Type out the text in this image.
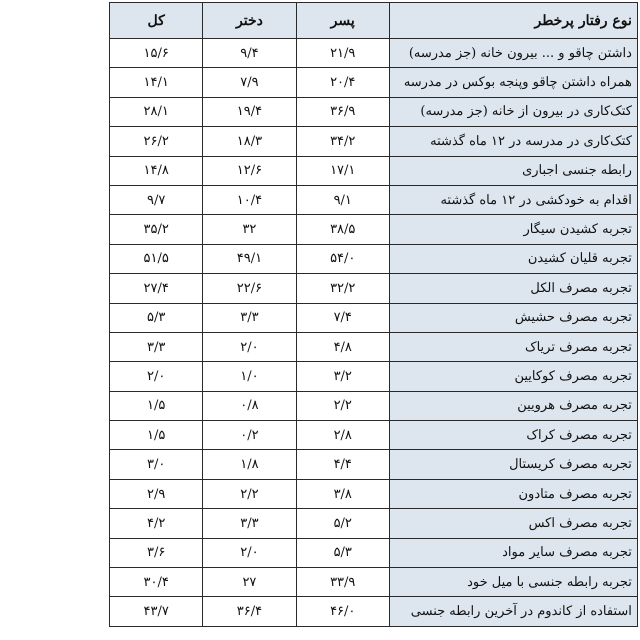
نوع رفتار پرخطر	پسر	دختر	کل
داشتن چاقو و ... بیرون خانه (جز مدرسه)	۲۱/۹	۹/۴	۱۵/۶
همراه داشتن چاقو وپنجه بوکس در مدرسه	۲۰/۴	۷/۹	۱۴/۱
کتک‌کاری در بیرون از خانه (جز مدرسه)	۳۶/۹	۱۹/۴	۲۸/۱
کتک‌کاری در مدرسه در ۱۲ ماه گذشته	۳۴/۲	۱۸/۳	۲۶/۲
رابطه جنسی اجباری	۱۷/۱	۱۲/۶	۱۴/۸
اقدام به خودکشی در ۱۲ ماه گذشته	۹/۱	۱۰/۴	۹/۷
تجربه کشیدن سیگار	۳۸/۵	۳۲	۳۵/۲
تجربه قلیان کشیدن	۵۴/۰	۴۹/۱	۵۱/۵
تجربه مصرف الکل	۳۲/۲	۲۲/۶	۲۷/۴
تجربه مصرف حشیش	۷/۴	۳/۳	۵/۳
تجربه مصرف تریاک	۴/۸	۲/۰	۳/۳
تجربه مصرف کوکایین	۳/۲	۱/۰	۲/۰
تجربه مصرف هرویین	۲/۲	۰/۸	۱/۵
تجربه مصرف کراک	۲/۸	۰/۲	۱/۵
تجربه مصرف کریستال	۴/۴	۱/۸	۳/۰
تجربه مصرف متادون	۳/۸	۲/۲	۲/۹
تجربه مصرف اکس	۵/۲	۳/۳	۴/۲
تجربه مصرف سایر مواد	۵/۳	۲/۰	۳/۶
تجربه رابطه جنسی با میل خود	۳۳/۹	۲۷	۳۰/۴
استفاده از کاندوم در آخرین رابطه جنسی	۴۶/۰	۳۶/۴	۴۳/۷
